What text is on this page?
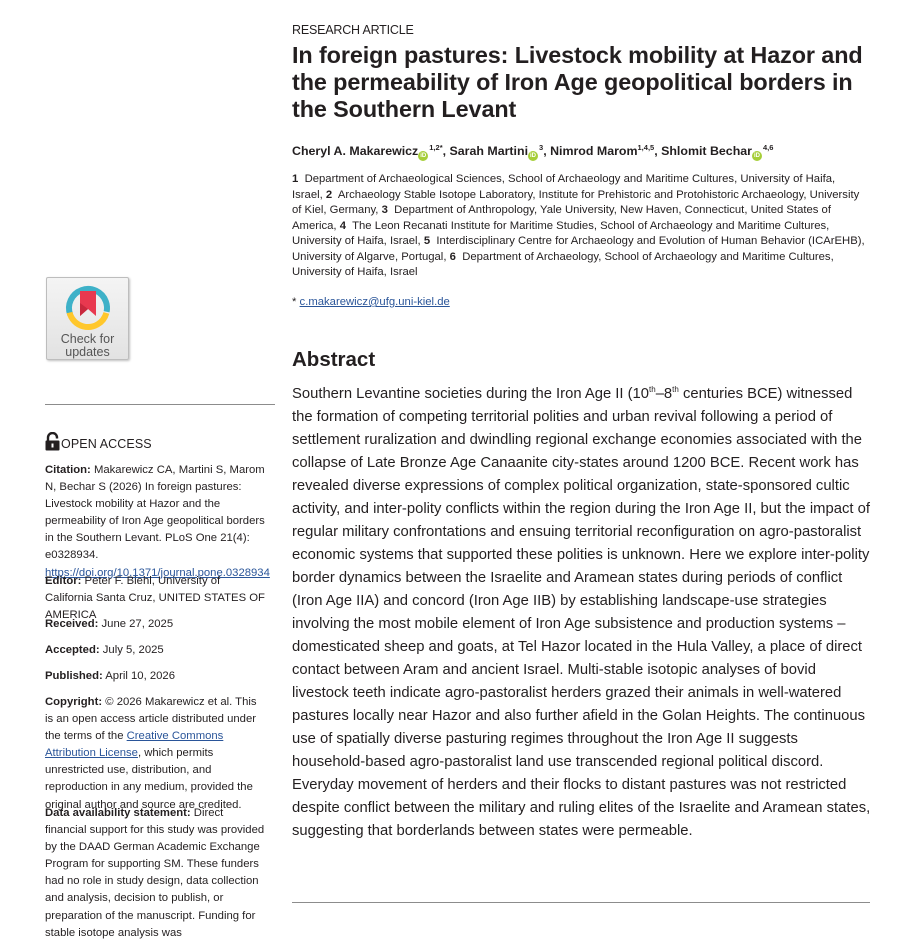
Check for
updates
OPEN ACCESS
Citation: Makarewicz CA, Martini S, Marom N, Bechar S (2026) In foreign pastures: Livestock mobility at Hazor and the permeability of Iron Age geopolitical borders in the Southern Levant. PLoS One 21(4): e0328934. https://doi.org/10.1371/journal.pone.0328934
Editor: Peter F. Biehl, University of California Santa Cruz, UNITED STATES OF AMERICA
Received: June 27, 2025
Accepted: July 5, 2025
Published: April 10, 2026
Copyright: © 2026 Makarewicz et al. This is an open access article distributed under the terms of the Creative Commons Attribution License, which permits unrestricted use, distribution, and reproduction in any medium, provided the original author and source are credited.
Data availability statement: Direct financial support for this study was provided by the DAAD German Academic Exchange Program for supporting SM. These funders had no role in study design, data collection and analysis, decision to publish, or preparation of the manuscript. Funding for stable isotope analysis was
RESEARCH ARTICLE
In foreign pastures: Livestock mobility at Hazor and the permeability of Iron Age geopolitical borders in the Southern Levant
Cheryl A. Makarewicz $iD^{1,2*}$, Sarah Martini $iD^3$, Nimrod Marom$^{1,4,5}$, Shlomit Bechar iD$^{4,6}$
1 Department of Archaeological Sciences, School of Archaeology and Maritime Cultures, University of Haifa, Israel, 2 Archaeology Stable Isotope Laboratory, Institute for Prehistoric and Protohistoric Archaeology, University of Kiel, Germany, 3 Department of Anthropology, Yale University, New Haven, Connecticut, United States of America, 4 The Leon Recanati Institute for Maritime Studies, School of Archaeology and Maritime Cultures, University of Haifa, Israel, 5 Interdisciplinary Centre for Archaeology and Evolution of Human Behavior (ICArEHB), University of Algarve, Portugal, 6 Department of Archaeology, School of Archaeology and Maritime Cultures, University of Haifa, Israel
* c.makarewicz@ufg.uni-kiel.de
Abstract

Southern Levantine societies during the Iron Age II (10th–8th centuries BCE) witnessed the formation of competing territorial polities and urban revival following a period of settlement ruralization and dwindling regional exchange economies associated with the collapse of Late Bronze Age Canaanite city-states around 1200 BCE. Recent work has revealed diverse expressions of complex political organization, state-sponsored cultic activity, and inter-polity conflicts within the region during the Iron Age II, but the impact of regular military confrontations and ensuing territorial reconfiguration on agro-pastoralist economic systems that supported these polities is unknown. Here we explore inter-polity border dynamics between the Israelite and Aramean states during periods of conflict (Iron Age IIA) and concord (Iron Age IIB) by establishing landscape-use strategies involving the most mobile element of Iron Age subsistence and production systems – domesticated sheep and goats, at Tel Hazor located in the Hula Valley, a place of direct contact between Aram and ancient Israel. Multi-stable isotopic analyses of bovid livestock teeth indicate agro-pastoralist herders grazed their animals in well-watered pastures locally near Hazor and also further afield in the Golan Heights. The continuous use of spatially diverse pasturing regimes throughout the Iron Age II suggests household-based agro-pastoralist land use transcended regional political discord. Everyday movement of herders and their flocks to distant pastures was not restricted despite conflict between the military and ruling elites of the Israelite and Aramean states, suggesting that borderlands between states were permeable.
